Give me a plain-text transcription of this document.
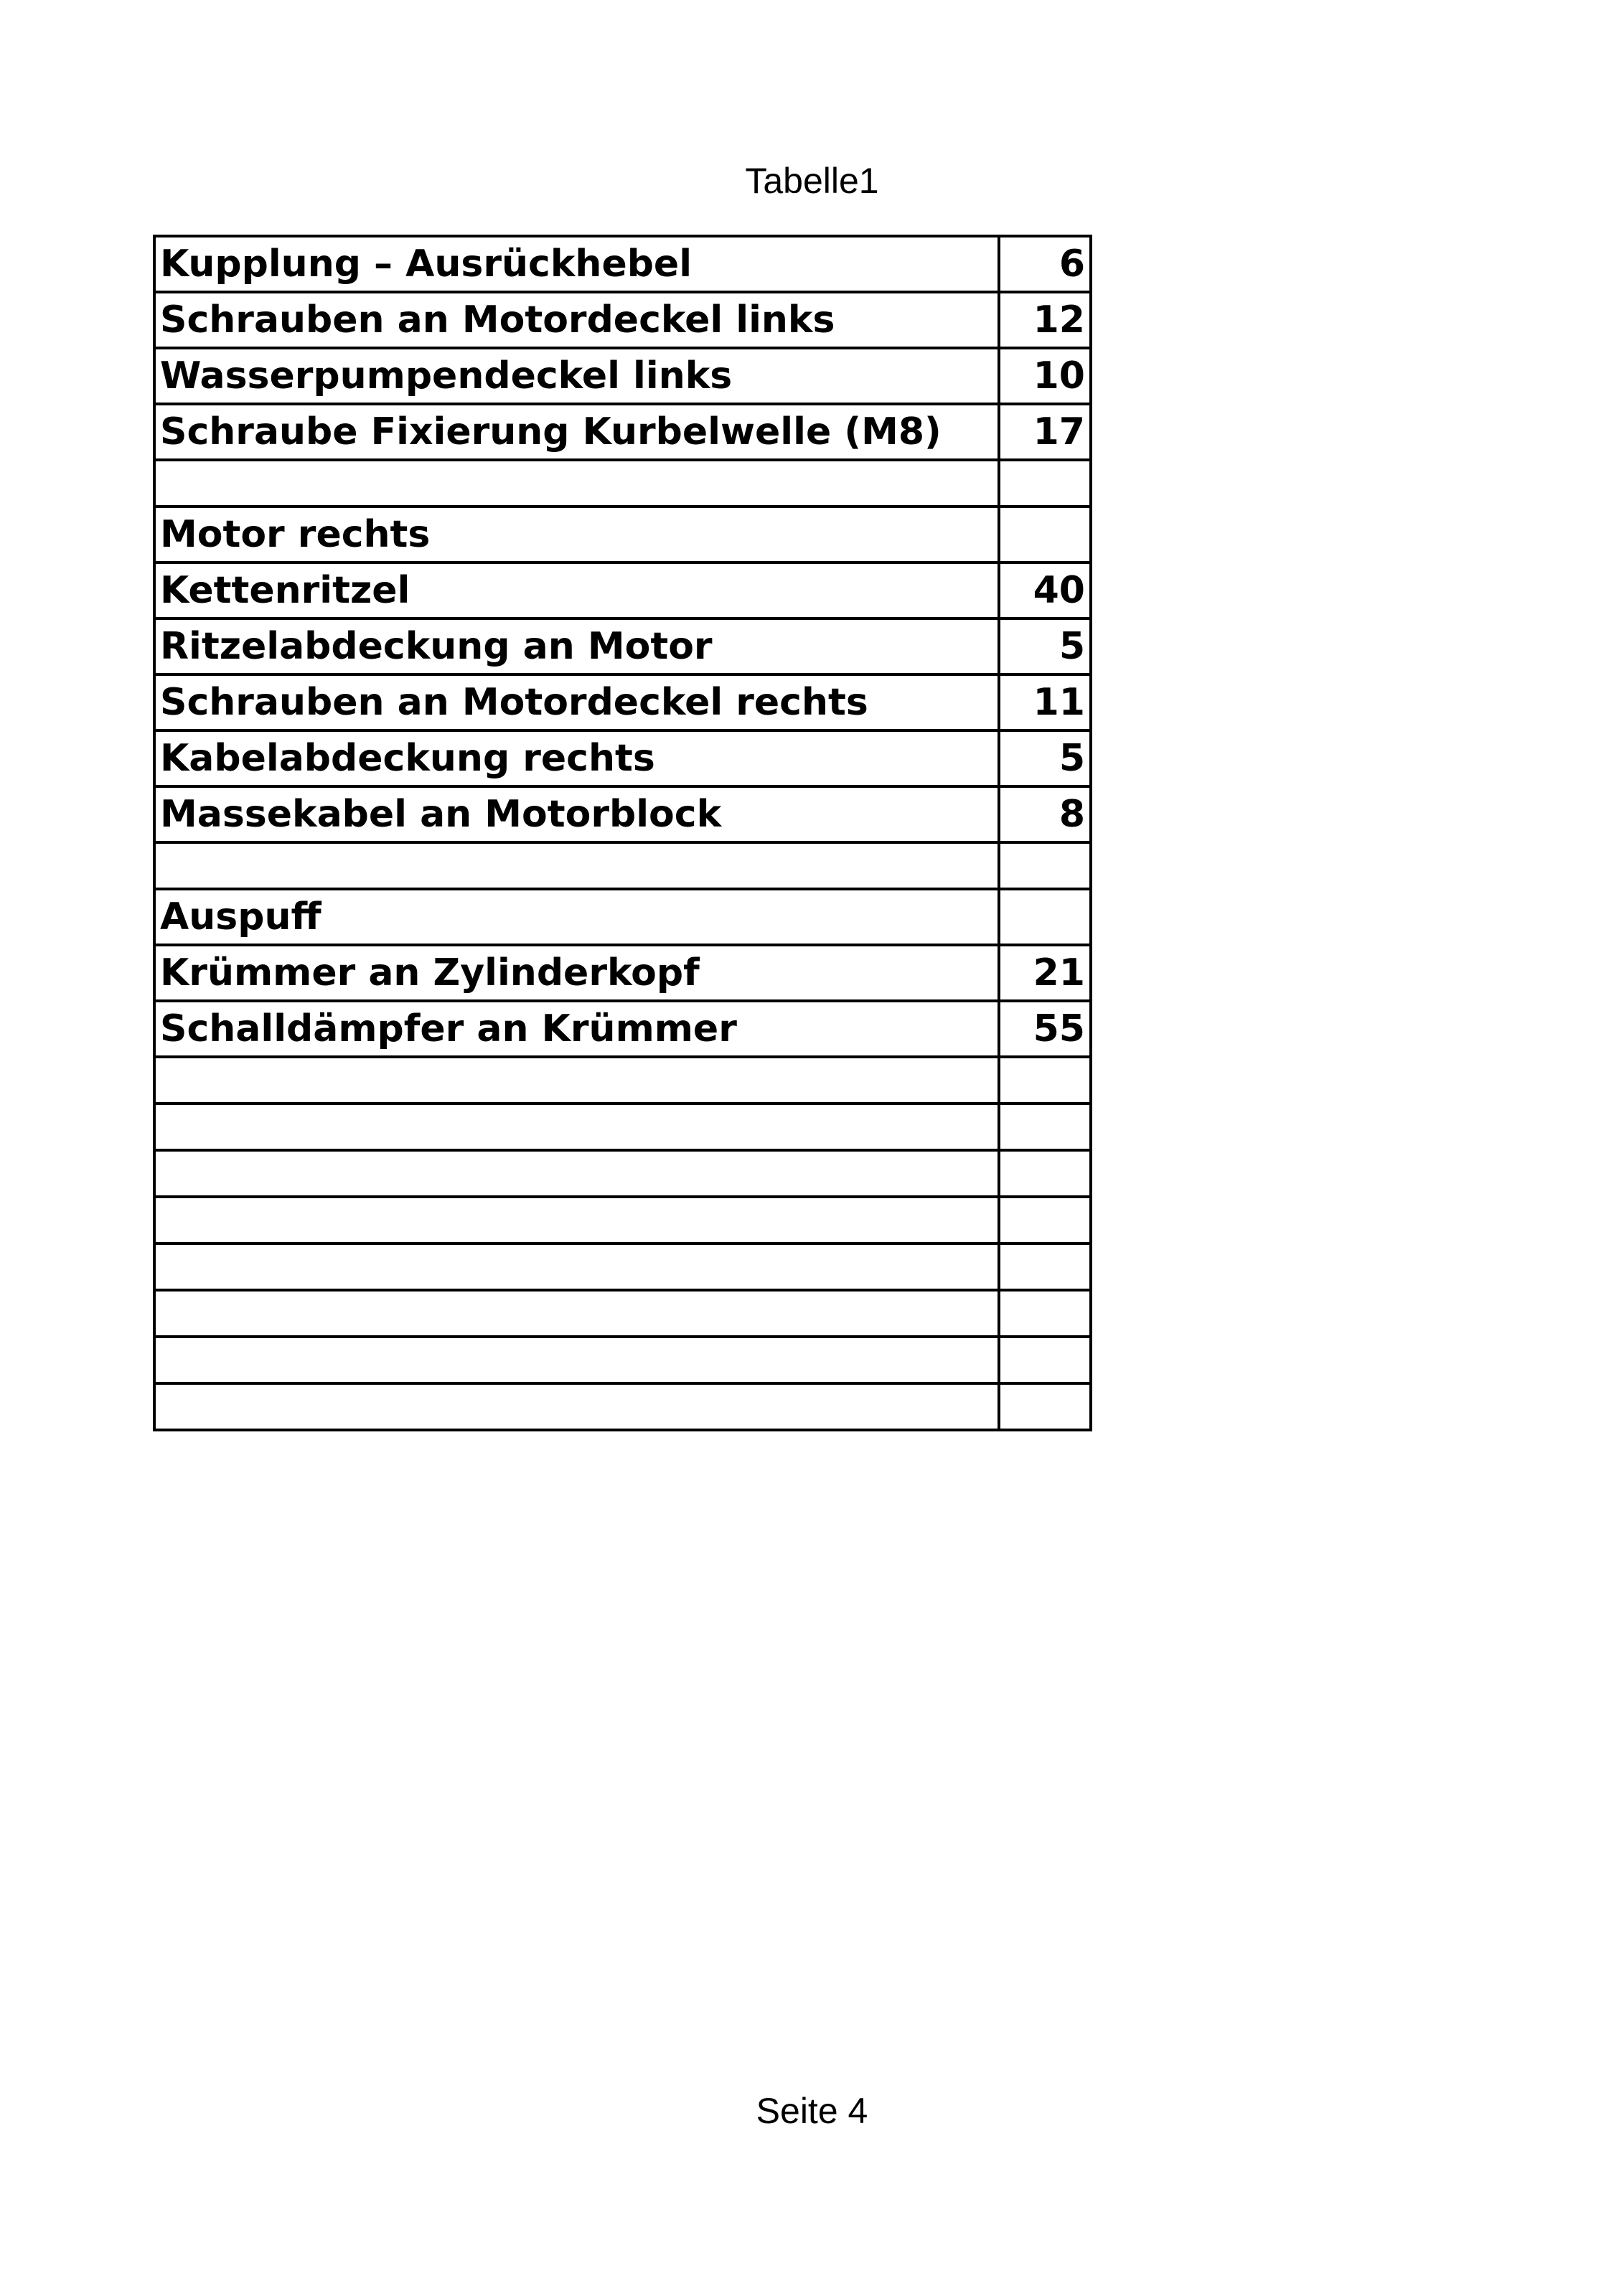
Tabelle1
Kupplung – Ausrückhebel	6
Schrauben an Motordeckel links	12
Wasserpumpendeckel links	10
Schraube Fixierung Kurbelwelle (M8)	17

Motor rechts	
Kettenritzel	40
Ritzelabdeckung an Motor	5
Schrauben an Motordeckel rechts	11
Kabelabdeckung rechts	5
Massekabel an Motorblock	8

Auspuff	
Krümmer an Zylinderkopf	21
Schalldämpfer an Krümmer	55

Seite 4
